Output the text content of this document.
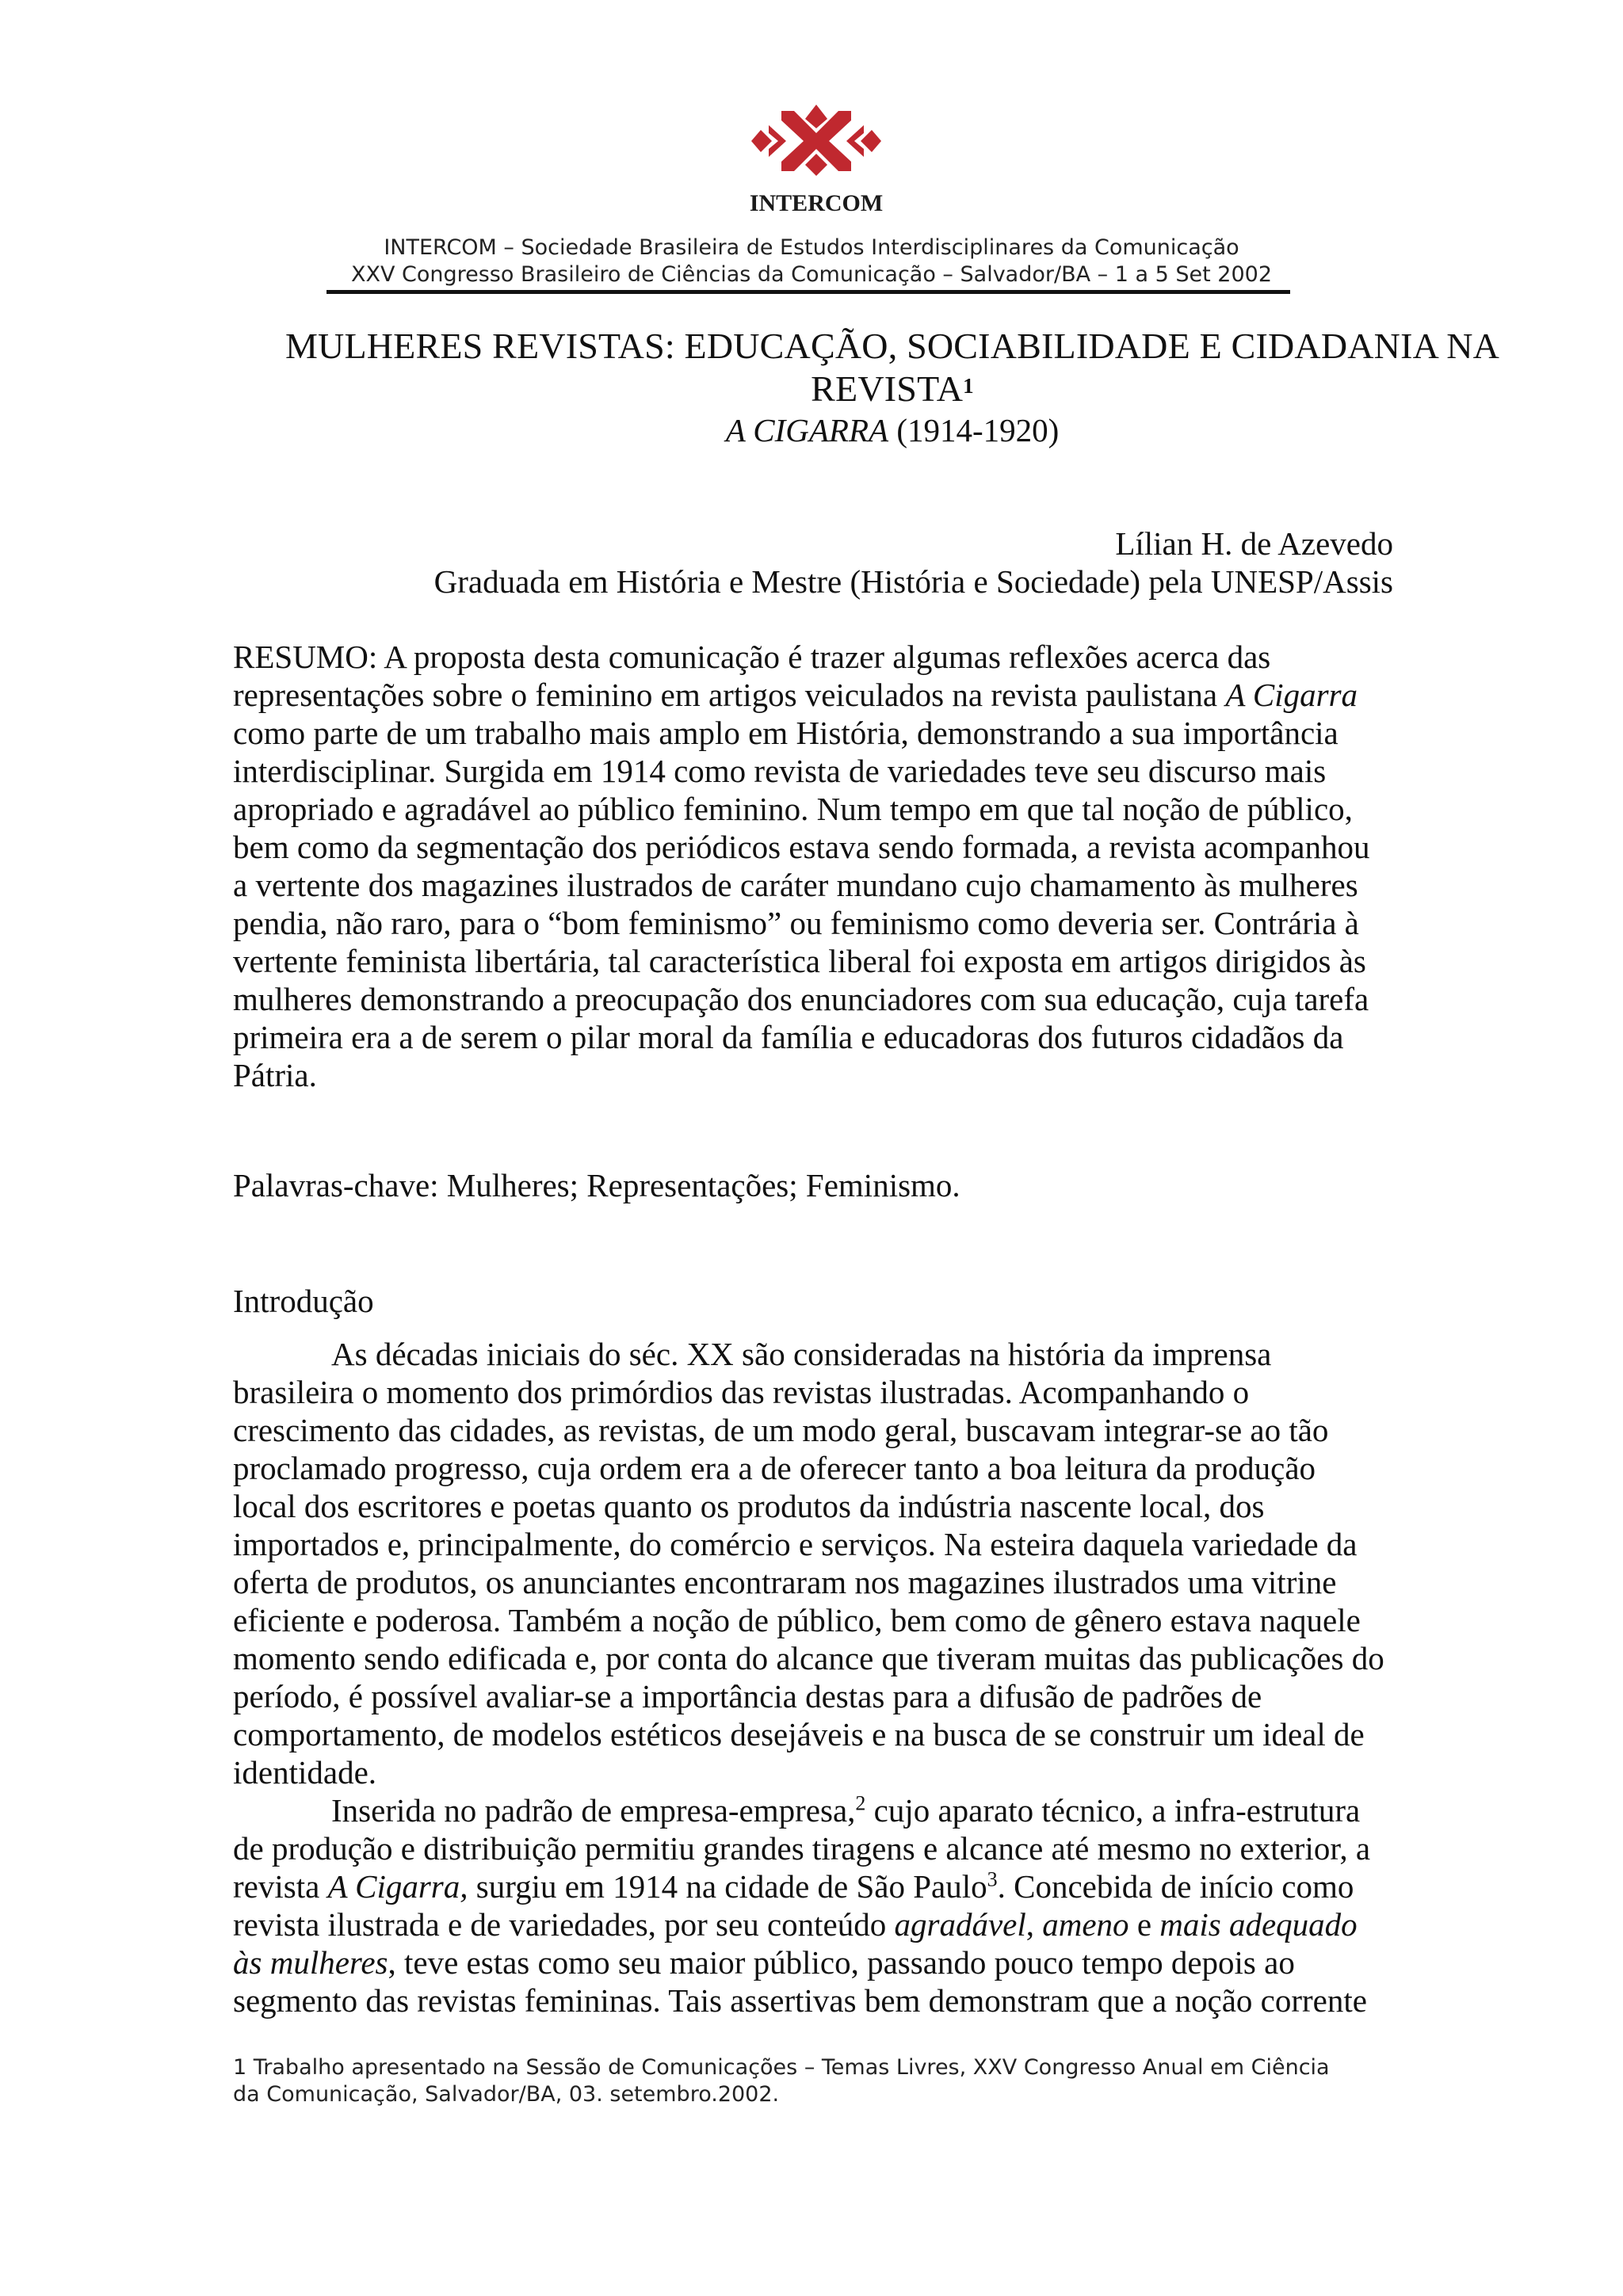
INTERCOM
INTERCOM – Sociedade Brasileira de Estudos Interdisciplinares da Comunicação
XXV Congresso Brasileiro de Ciências da Comunicação – Salvador/BA – 1 a 5 Set 2002
MULHERES REVISTAS: EDUCAÇÃO, SOCIABILIDADE E CIDADANIA NA
REVISTA$^1$
A CIGARRA (1914-1920)
Lílian H. de Azevedo
Graduada em História e Mestre (História e Sociedade) pela UNESP/Assis
RESUMO: A proposta desta comunicação é trazer algumas reflexões acerca das
representações sobre o feminino em artigos veiculados na revista paulistana A Cigarra
como parte de um trabalho mais amplo em História, demonstrando a sua importância
interdisciplinar. Surgida em 1914 como revista de variedades teve seu discurso mais
apropriado e agradável ao público feminino. Num tempo em que tal noção de público,
bem como da segmentação dos periódicos estava sendo formada, a revista acompanhou
a vertente dos magazines ilustrados de caráter mundano cujo chamamento às mulheres
pendia, não raro, para o “bom feminismo” ou feminismo como deveria ser. Contrária à
vertente feminista libertária, tal característica liberal foi exposta em artigos dirigidos às
mulheres demonstrando a preocupação dos enunciadores com sua educação, cuja tarefa
primeira era a de serem o pilar moral da família e educadoras dos futuros cidadãos da
Pátria.
Palavras-chave: Mulheres; Representações; Feminismo.
Introdução
As décadas iniciais do séc. XX são consideradas na história da imprensa
brasileira o momento dos primórdios das revistas ilustradas. Acompanhando o
crescimento das cidades, as revistas, de um modo geral, buscavam integrar-se ao tão
proclamado progresso, cuja ordem era a de oferecer tanto a boa leitura da produção
local dos escritores e poetas quanto os produtos da indústria nascente local, dos
importados e, principalmente, do comércio e serviços. Na esteira daquela variedade da
oferta de produtos, os anunciantes encontraram nos magazines ilustrados uma vitrine
eficiente e poderosa. Também a noção de público, bem como de gênero estava naquele
momento sendo edificada e, por conta do alcance que tiveram muitas das publicações do
período, é possível avaliar-se a importância destas para a difusão de padrões de
comportamento, de modelos estéticos desejáveis e na busca de se construir um ideal de
identidade.
Inserida no padrão de empresa-empresa,$^2$ cujo aparato técnico, a infra-estrutura
de produção e distribuição permitiu grandes tiragens e alcance até mesmo no exterior, a
revista A Cigarra, surgiu em 1914 na cidade de São Paulo$^3$. Concebida de início como
revista ilustrada e de variedades, por seu conteúdo agradável, ameno e mais adequado
às mulheres, teve estas como seu maior público, passando pouco tempo depois ao
segmento das revistas femininas. Tais assertivas bem demonstram que a noção corrente
1 Trabalho apresentado na Sessão de Comunicações – Temas Livres, XXV Congresso Anual em Ciência
da Comunicação, Salvador/BA, 03. setembro.2002.
